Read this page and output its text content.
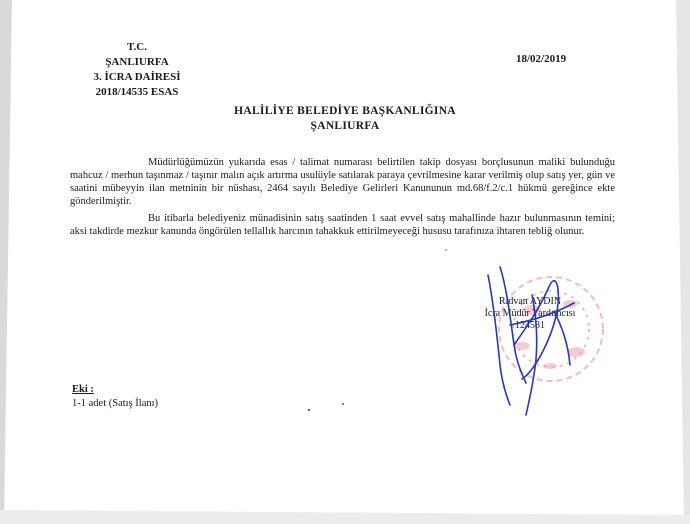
T.C.
ŞANLIURFA
3. İCRA DAİRESİ
2018/14535 ESAS
18/02/2019
HALİLİYE BELEDİYE BAŞKANLIĞINA
ŞANLIURFA

Müdürlüğümüzün yukarıda esas / talimat numarası belirtilen takip dosyası borçlusunun maliki bulunduğu mahcuz / merhun taşınmaz / taşınır malın açık artırma usulüyle satılarak paraya çevrilmesine karar verilmiş olup satış yer, gün ve saatini mübeyyin ilan metninin bir nüshası, 2464 sayılı Belediye Gelirleri Kanununun md.68/f.2/c.1 hükmü gereğince ekte gönderilmiştir.

Bu itibarla belediyeniz münadisinin satış saatinden 1 saat evvel satış mahallinde hazır bulunmasının temini; aksi takdirde mezkur kanunda öngörülen tellallık harcının tahakkuk ettirilmeyeceği hususu tarafınıza ihtaren tebliğ olunur.

Rıdvan AYDIN
İcra Müdür Yardımcısı
124581
Eki :
1-1 adet (Satış İlanı)
